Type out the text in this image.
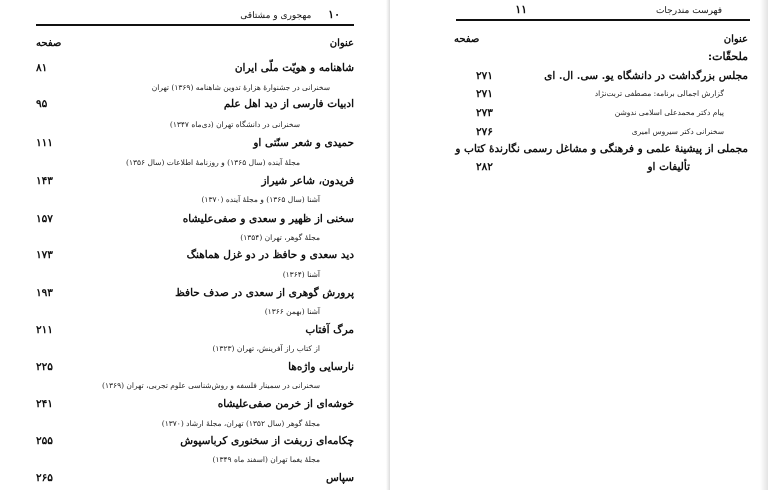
۱۰ مهجوری و مشتاقی
عنوان
صفحه
شاهنامه و هویّت ملّی ایران
۸۱
سخنرانی در جشنوارهٔ هزارهٔ تدوین شاهنامه (۱۳۶۹) تهران
ادبیات فارسی از دید اهل علم
۹۵
سخنرانی در دانشگاه تهران (دی‌ماه ۱۳۴۷)
حمیدی و شعر سنّتی او
۱۱۱
مجلهٔ آینده (سال ۱۳۶۵) و روزنامهٔ اطلاعات (سال ۱۳۵۶)
فریدون، شاعر شیراز
۱۴۳
آشنا (سال ۱۳۶۵) و مجلهٔ آینده (۱۳۷۰)
سخنی از ظهیر و سعدی و صفی‌علیشاه
۱۵۷
مجلهٔ گوهر، تهران (۱۳۵۴)
دید سعدی و حافظ در دو غزل هماهنگ
۱۷۳
آشنا (۱۳۶۴)
پرورش گوهری از سعدی در صدف حافظ
۱۹۳
آشنا (بهمن ۱۳۶۶)
مرگ آفتاب
۲۱۱
از کتاب راز آفرینش، تهران (۱۳۲۳)
نارسایی واژه‌ها
۲۲۵
سخنرانی در سمینار فلسفه و روش‌شناسی علوم تجربی، تهران (۱۳۶۹)
خوشه‌ای از خرمن صفی‌علیشاه
۲۴۱
مجلهٔ گوهر (سال ۱۳۵۲) تهران، مجلهٔ ارشاد (۱۳۷۰)
چکامه‌ای زربفت از سخنوری کرباسپوش
۲۵۵
مجلهٔ یغما تهران (اسفند ماه ۱۳۴۹)
سپاس
۲۶۵
فهرست مندرجات ۱۱
عنوان
صفحه
ملحقّات:
مجلس بزرگداشت در دانشگاه یو. سی. ال. ای
۲۷۱
گزارش اجمالی برنامه: مصطفی تربت‌نژاد
۲۷۱
پیام دکتر محمدعلی اسلامی ندوشن
۲۷۳
سخنرانی دکتر سیروس امیری
۲۷۶
مجملی از پیشینهٔ علمی و فرهنگی و مشاغل رسمی نگارندهٔ کتاب و
تألیفات او
۲۸۲
